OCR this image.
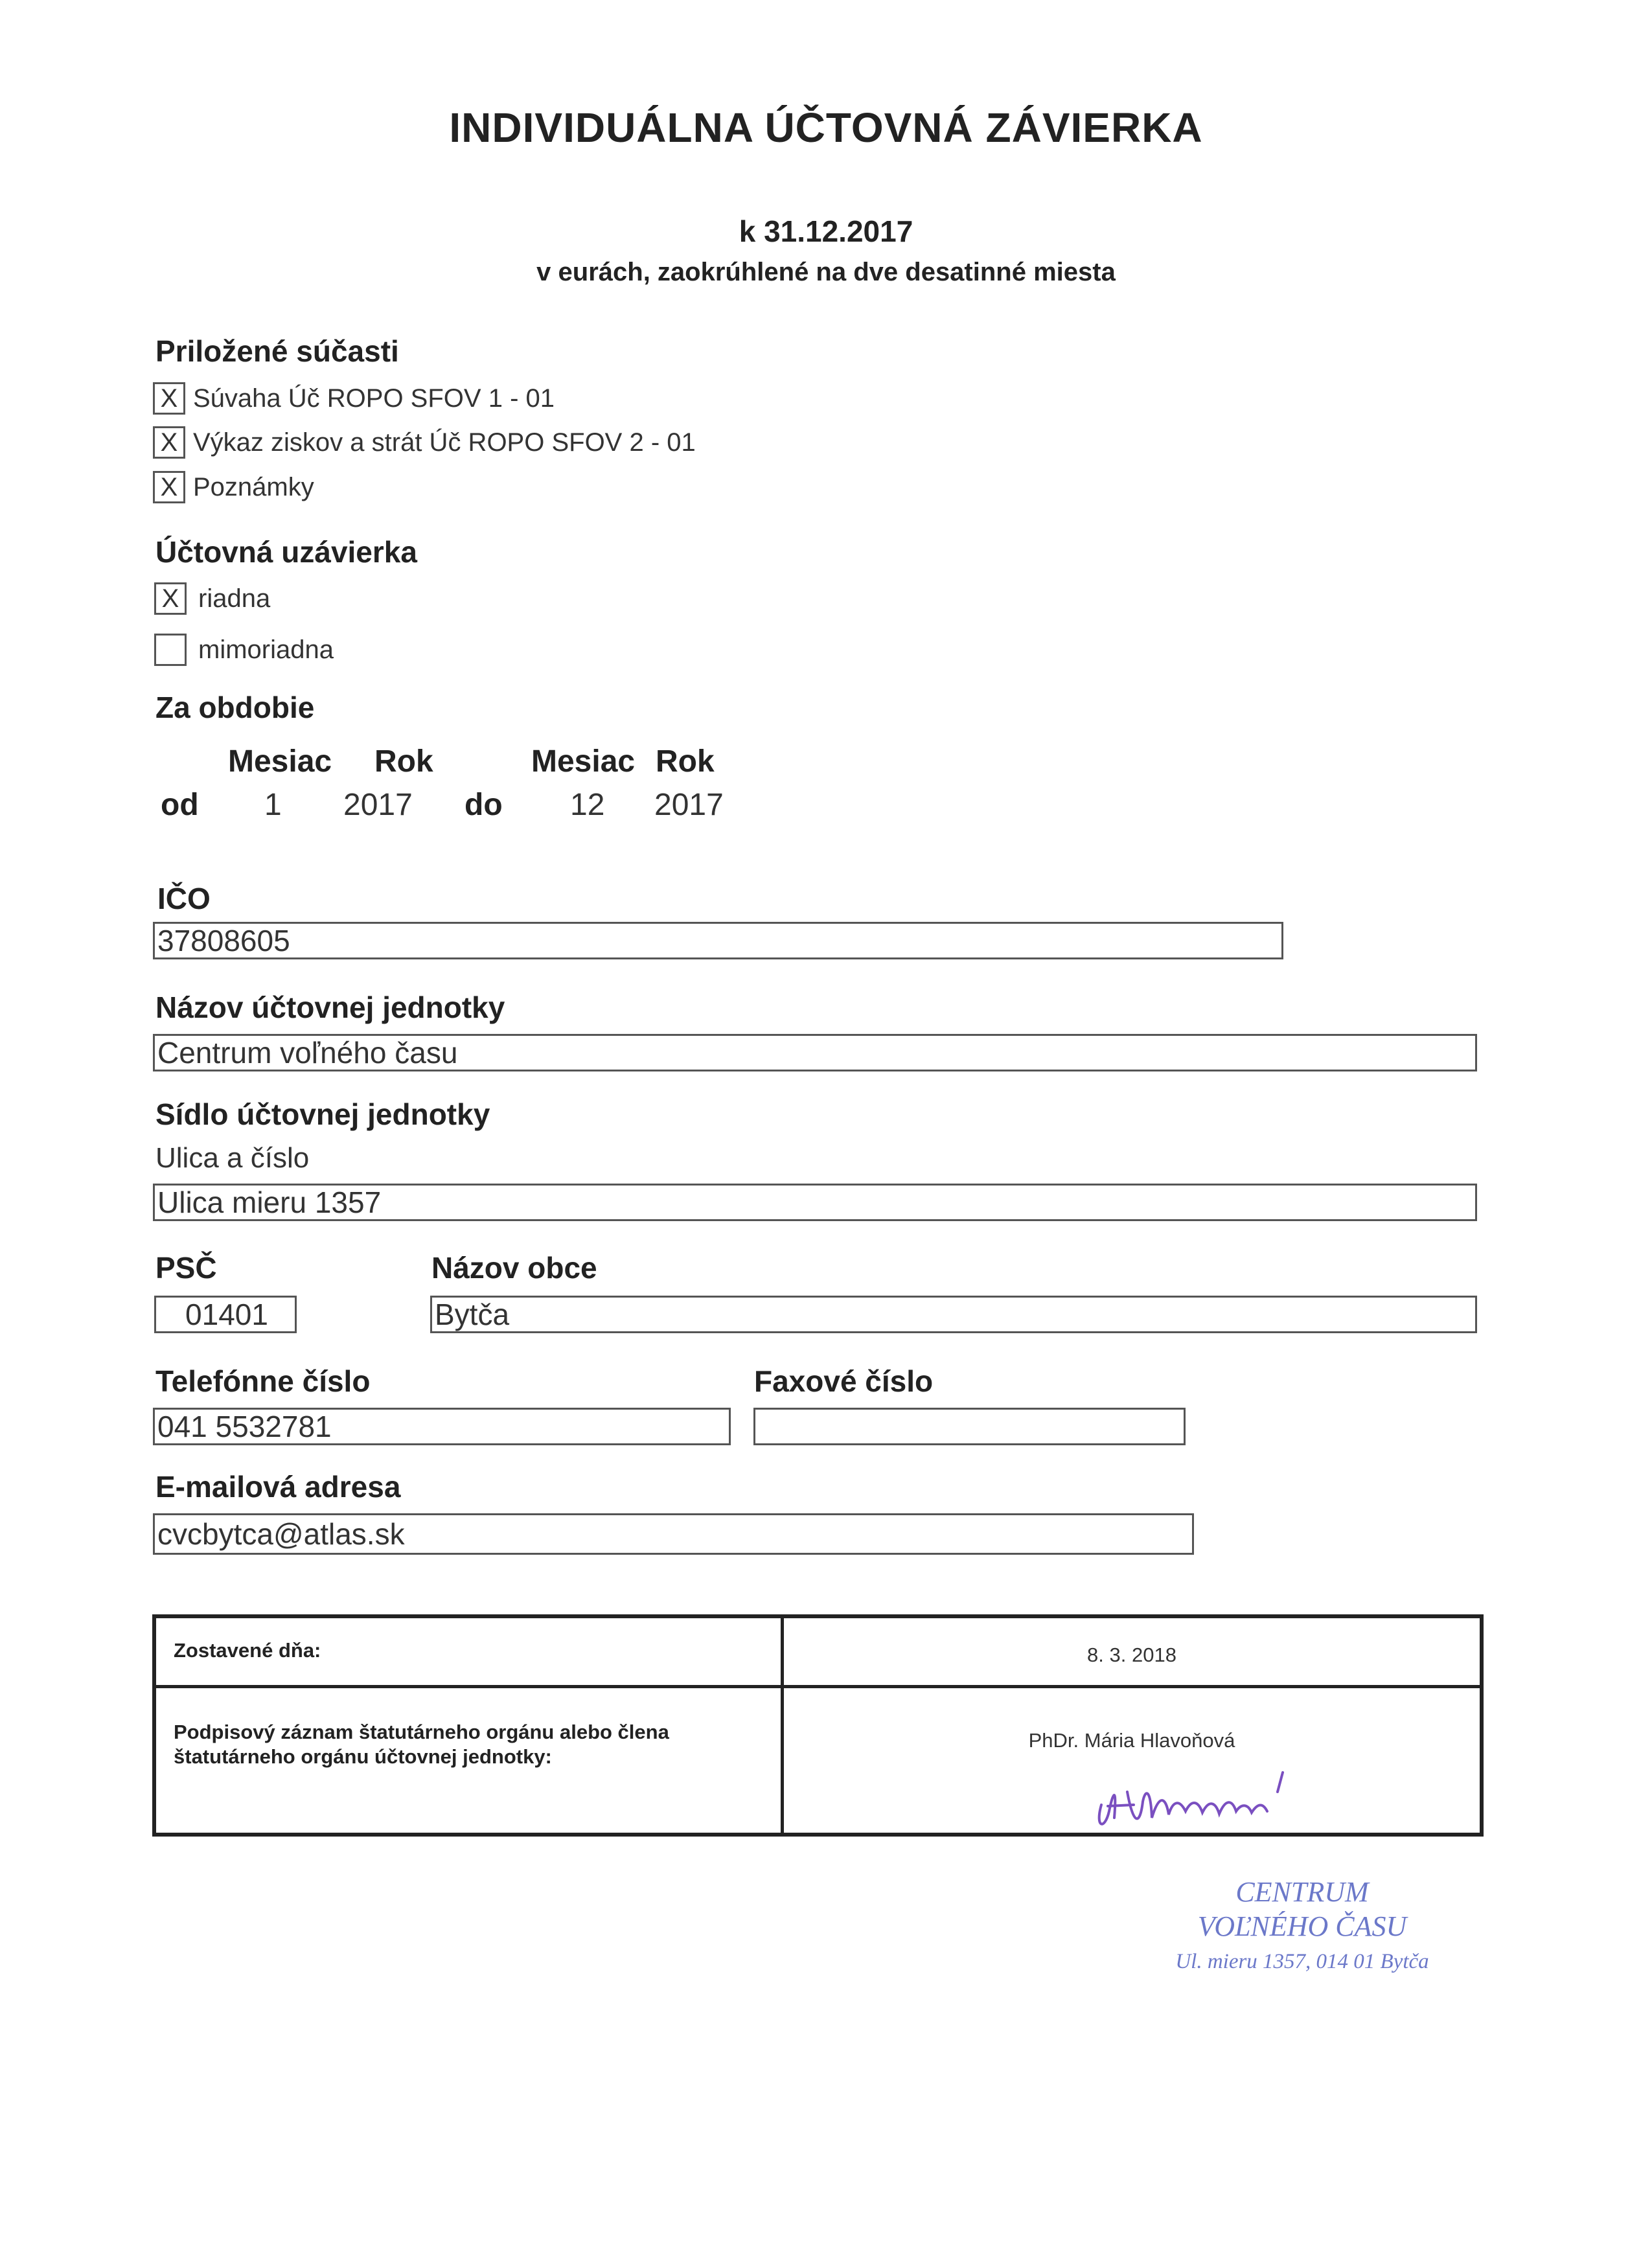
INDIVIDUÁLNA ÚČTOVNÁ ZÁVIERKA
k 31.12.2017
v eurách, zaokrúhlené na dve desatinné miesta
Priložené súčasti
X Súvaha Úč ROPO SFOV 1 - 01
X Výkaz ziskov a strát Úč ROPO SFOV 2 - 01
X Poznámky
Účtovná uzávierka
X riadna
mimoriadna
Za obdobie
Mesiac Rok	Mesiac Rok
od 1 2017 do 12 2017
IČO
37808605
Názov účtovnej jednotky
Centrum voľného času
Sídlo účtovnej jednotky
Ulica a číslo
Ulica mieru 1357
PSČ
01401
Názov obce
Bytča
Telefónne číslo
041 5532781
Faxové číslo
E-mailová adresa
cvcbytca@atlas.sk
Zostavené dňa:	8. 3. 2018

Podpisový záznam štatutárneho orgánu alebo člena štatutárneho orgánu účtovnej jednotky:	PhDr. Mária Hlavoňová
CENTRUM
VOĽNÉHO ČASU
Ul. mieru 1357, 014 01 Bytča
